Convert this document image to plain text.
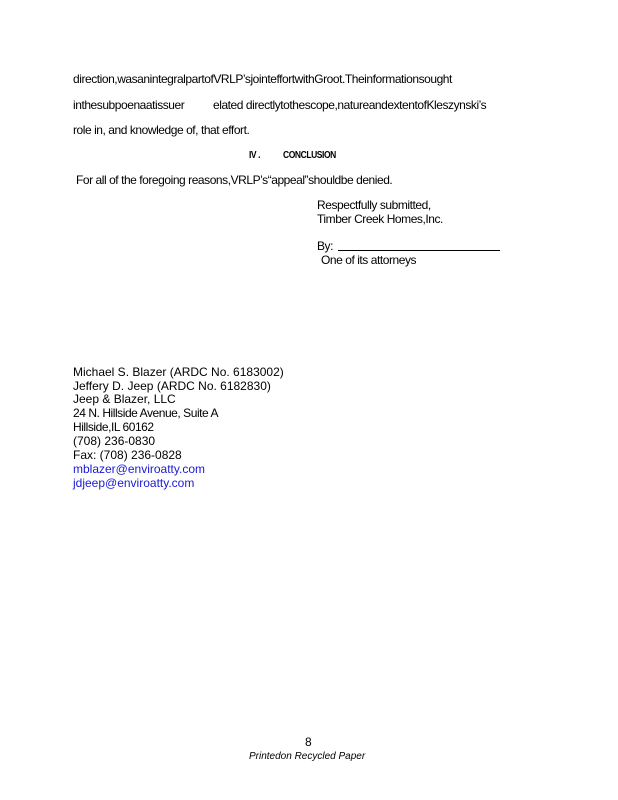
direction,wasanintegralpartofVRLP’sjointeffortwithGroot.Theinformationsought
inthesubpoenaatissuer elated directlytothescope,natureandextentofKleszynski’s
role in, and knowledge of, that effort.
IV . CONCLUSION
For all of the foregoing reasons,VRLP’s“appeal”shouldbe denied.
Respectfully submitted,
Timber Creek Homes,Inc.
By:
One of its attorneys
Michael S. Blazer (ARDC No. 6183002)
Jeffery D. Jeep (ARDC No. 6182830)
Jeep & Blazer, LLC
24 N. Hillside Avenue, Suite A
Hillside,IL 60162
(708) 236-0830
Fax: (708) 236-0828
mblazer@enviroatty.com
jdjeep@enviroatty.com
8
Printedon Recycled Paper
